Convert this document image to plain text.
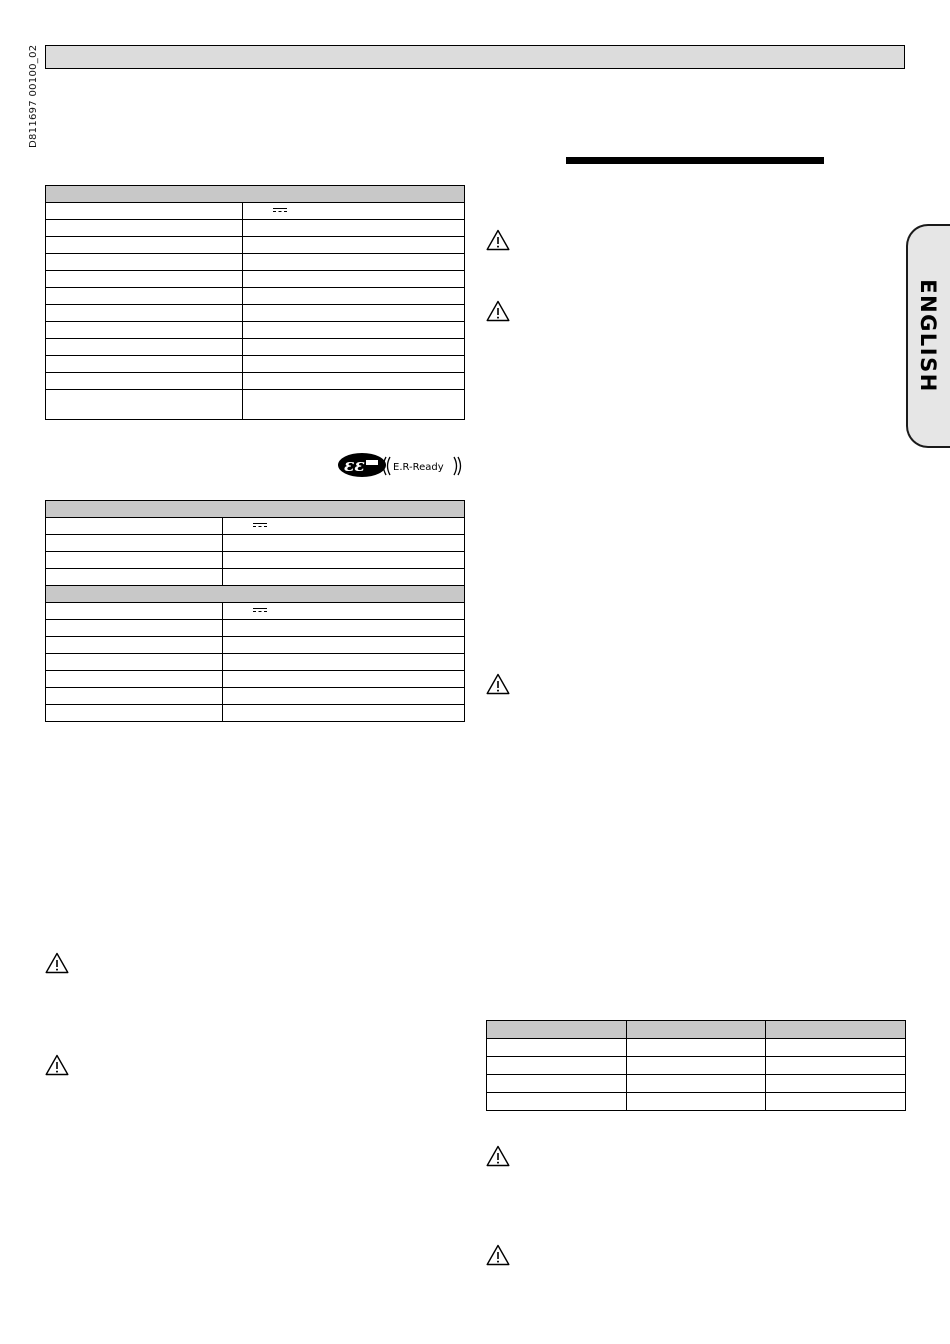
D811697 00100_02
ENGLISH

εε	E.R-Ready
